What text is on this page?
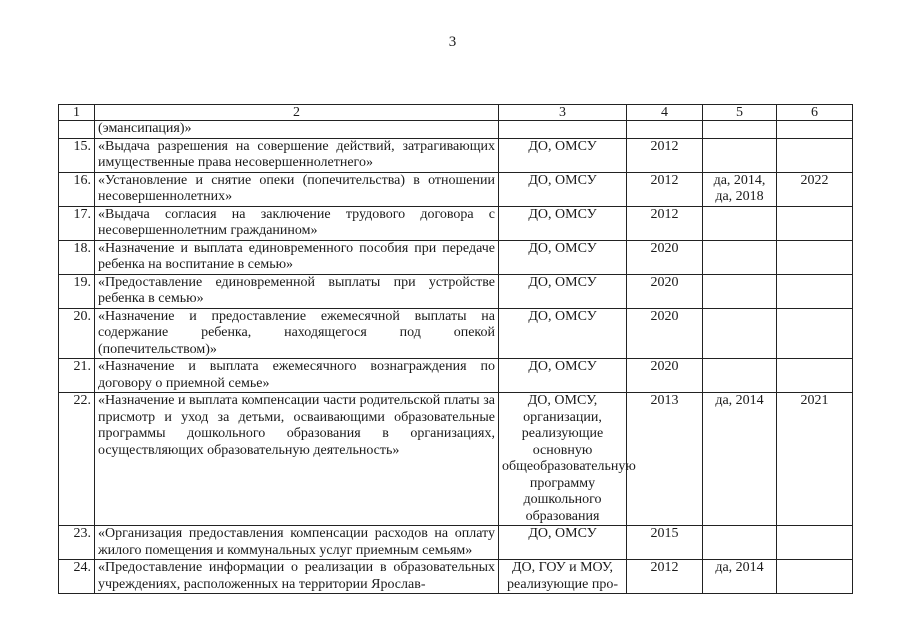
3
1	2	3	4	5	6
	(эмансипация)»				
15.	«Выдача разрешения на совершение действий, затрагивающих имущественные права несовершеннолетнего»	ДО, ОМСУ	2012		
16.	«Установление и снятие опеки (попечительства) в отношении несовершеннолетних»	ДО, ОМСУ	2012	да, 2014, да, 2018	2022
17.	«Выдача согласия на заключение трудового договора с несовершеннолетним гражданином»	ДО, ОМСУ	2012		
18.	«Назначение и выплата единовременного пособия при передаче ребенка на воспитание в семью»	ДО, ОМСУ	2020		
19.	«Предоставление единовременной выплаты при устройстве ребенка в семью»	ДО, ОМСУ	2020		
20.	«Назначение и предоставление ежемесячной выплаты на содержание ребенка, находящегося под опекой (попечительством)»	ДО, ОМСУ	2020		
21.	«Назначение и выплата ежемесячного вознаграждения по договору о приемной семье»	ДО, ОМСУ	2020		
22.	«Назначение и выплата компенсации части родительской платы за присмотр и уход за детьми, осваивающими образовательные программы дошкольного образования в организациях, осуществляющих образовательную деятельность»	ДО, ОМСУ, организации, реализующие основную общеобразовательную программу дошкольного образования	2013	да, 2014	2021
23.	«Организация предоставления компенсации расходов на оплату жилого помещения и коммунальных услуг приемным семьям»	ДО, ОМСУ	2015		
24.	«Предоставление информации о реализации в образовательных учреждениях, расположенных на территории Ярослав-	ДО, ГОУ и МОУ, реализующие про-	2012	да, 2014	
